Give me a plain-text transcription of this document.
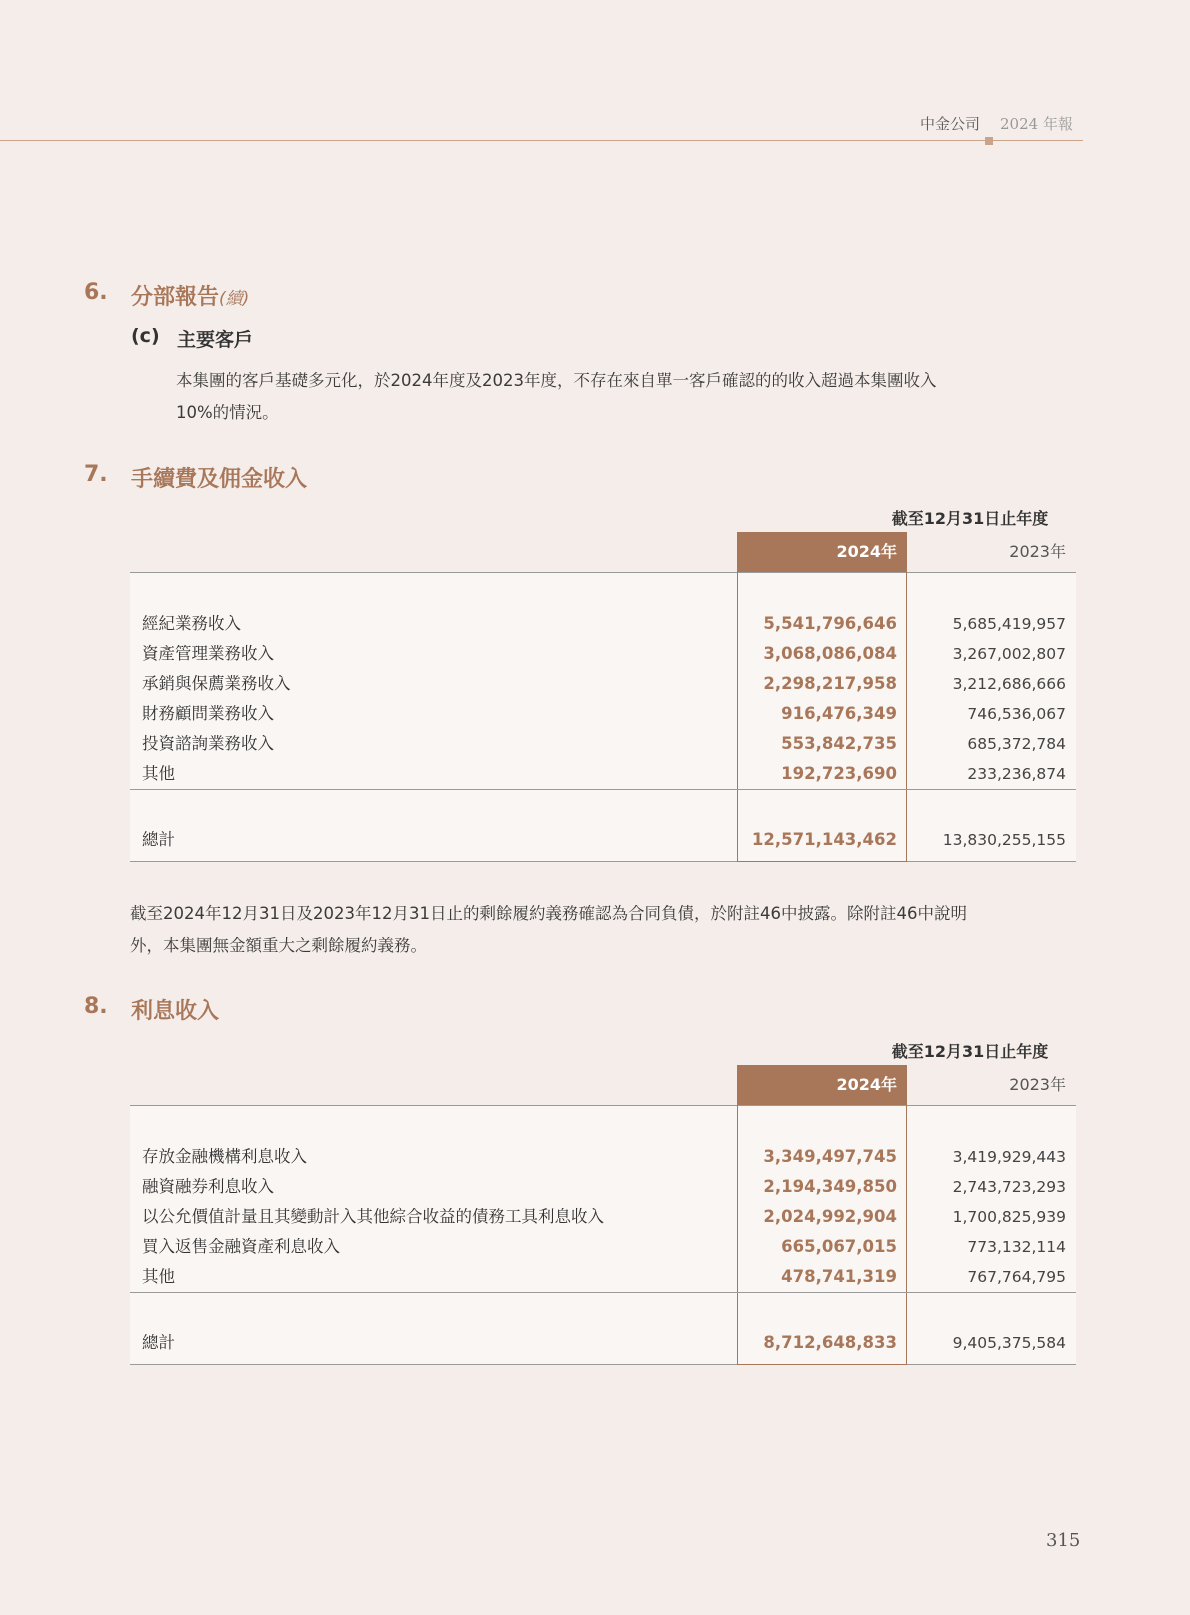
中金公司 2024 年報
6. 分部報告(續)
(c) 主要客戶
本集團的客戶基礎多元化，於2024年度及2023年度，不存在來自單一客戶確認的的收入超過本集團收入
10%的情況。
7. 手續費及佣金收入
截至12月31日止年度
2024年	2023年
經紀業務收入	5,541,796,646	5,685,419,957
資產管理業務收入	3,068,086,084	3,267,002,807
承銷與保薦業務收入	2,298,217,958	3,212,686,666
財務顧問業務收入	916,476,349	746,536,067
投資諮詢業務收入	553,842,735	685,372,784
其他	192,723,690	233,236,874
總計	12,571,143,462	13,830,255,155
截至2024年12月31日及2023年12月31日止的剩餘履約義務確認為合同負債，於附註46中披露。除附註46中說明
外，本集團無金額重大之剩餘履約義務。
8. 利息收入
截至12月31日止年度
2024年	2023年
存放金融機構利息收入	3,349,497,745	3,419,929,443
融資融券利息收入	2,194,349,850	2,743,723,293
以公允價值計量且其變動計入其他綜合收益的債務工具利息收入	2,024,992,904	1,700,825,939
買入返售金融資產利息收入	665,067,015	773,132,114
其他	478,741,319	767,764,795
總計	8,712,648,833	9,405,375,584
315
